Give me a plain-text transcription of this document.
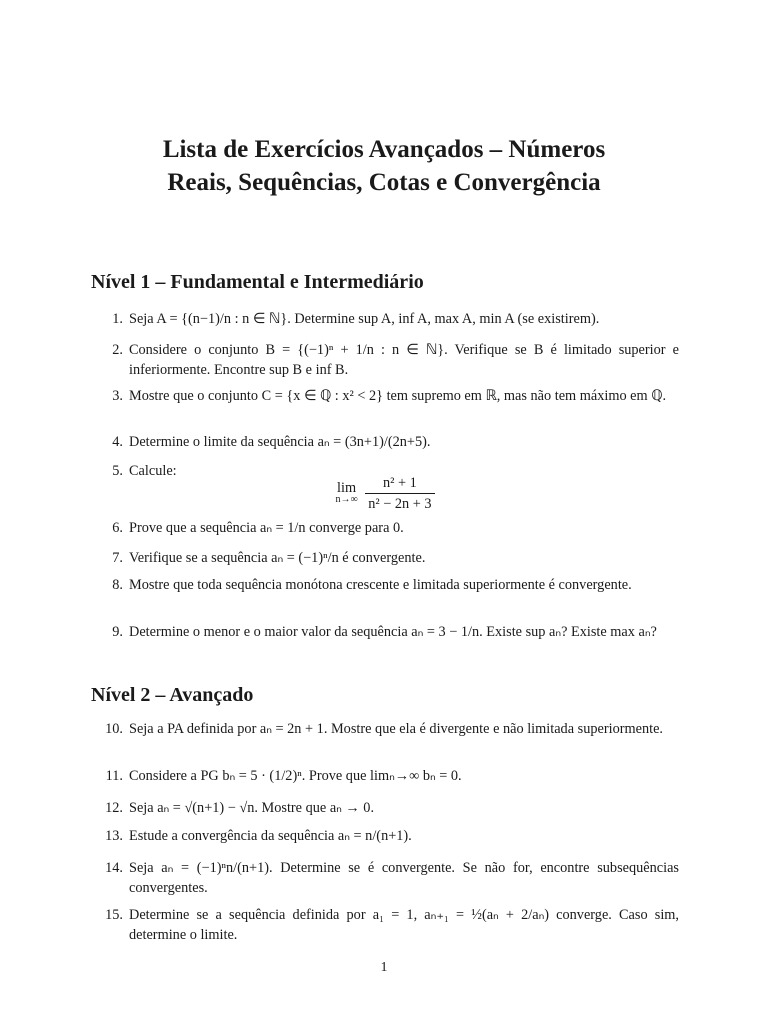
Lista de Exercícios Avançados – Números
Reais, Sequências, Cotas e Convergência
Nível 1 – Fundamental e Intermediário
1. Seja A = {(n−1)/n : n ∈ ℕ}. Determine sup A, inf A, max A, min A (se existirem).
2. Considere o conjunto B = {(−1)ⁿ + 1/n : n ∈ ℕ}. Verifique se B é limitado superior e inferiormente. Encontre sup B e inf B.
3. Mostre que o conjunto C = {x ∈ ℚ : x² < 2} tem supremo em ℝ, mas não tem máximo em ℚ.
4. Determine o limite da sequência aₙ = (3n+1)/(2n+5).
5. Calcule:
lim
n→∞
$\frac{\text{n² + 1}}{\text{n² − 2n + 3}}$
6. Prove que a sequência aₙ = 1/n converge para 0.
7. Verifique se a sequência aₙ = (−1)ⁿ/n é convergente.
8. Mostre que toda sequência monótona crescente e limitada superiormente é convergente.
9. Determine o menor e o maior valor da sequência aₙ = 3 − 1/n. Existe sup aₙ? Existe max aₙ?
Nível 2 – Avançado
10. Seja a PA definida por aₙ = 2n + 1. Mostre que ela é divergente e não limitada superiormente.
11. Considere a PG bₙ = 5 · (1/2)ⁿ. Prove que limₙ→∞ bₙ = 0.
12. Seja aₙ = √(n+1) − √n. Mostre que aₙ → 0.
13. Estude a convergência da sequência aₙ = n/(n+1).
14. Seja aₙ = (−1)ⁿn/(n+1). Determine se é convergente. Se não for, encontre subsequências convergentes.
15. Determine se a sequência definida por a₁ = 1, aₙ₊₁ = ½(aₙ + 2/aₙ) converge. Caso sim, determine o limite.
1
